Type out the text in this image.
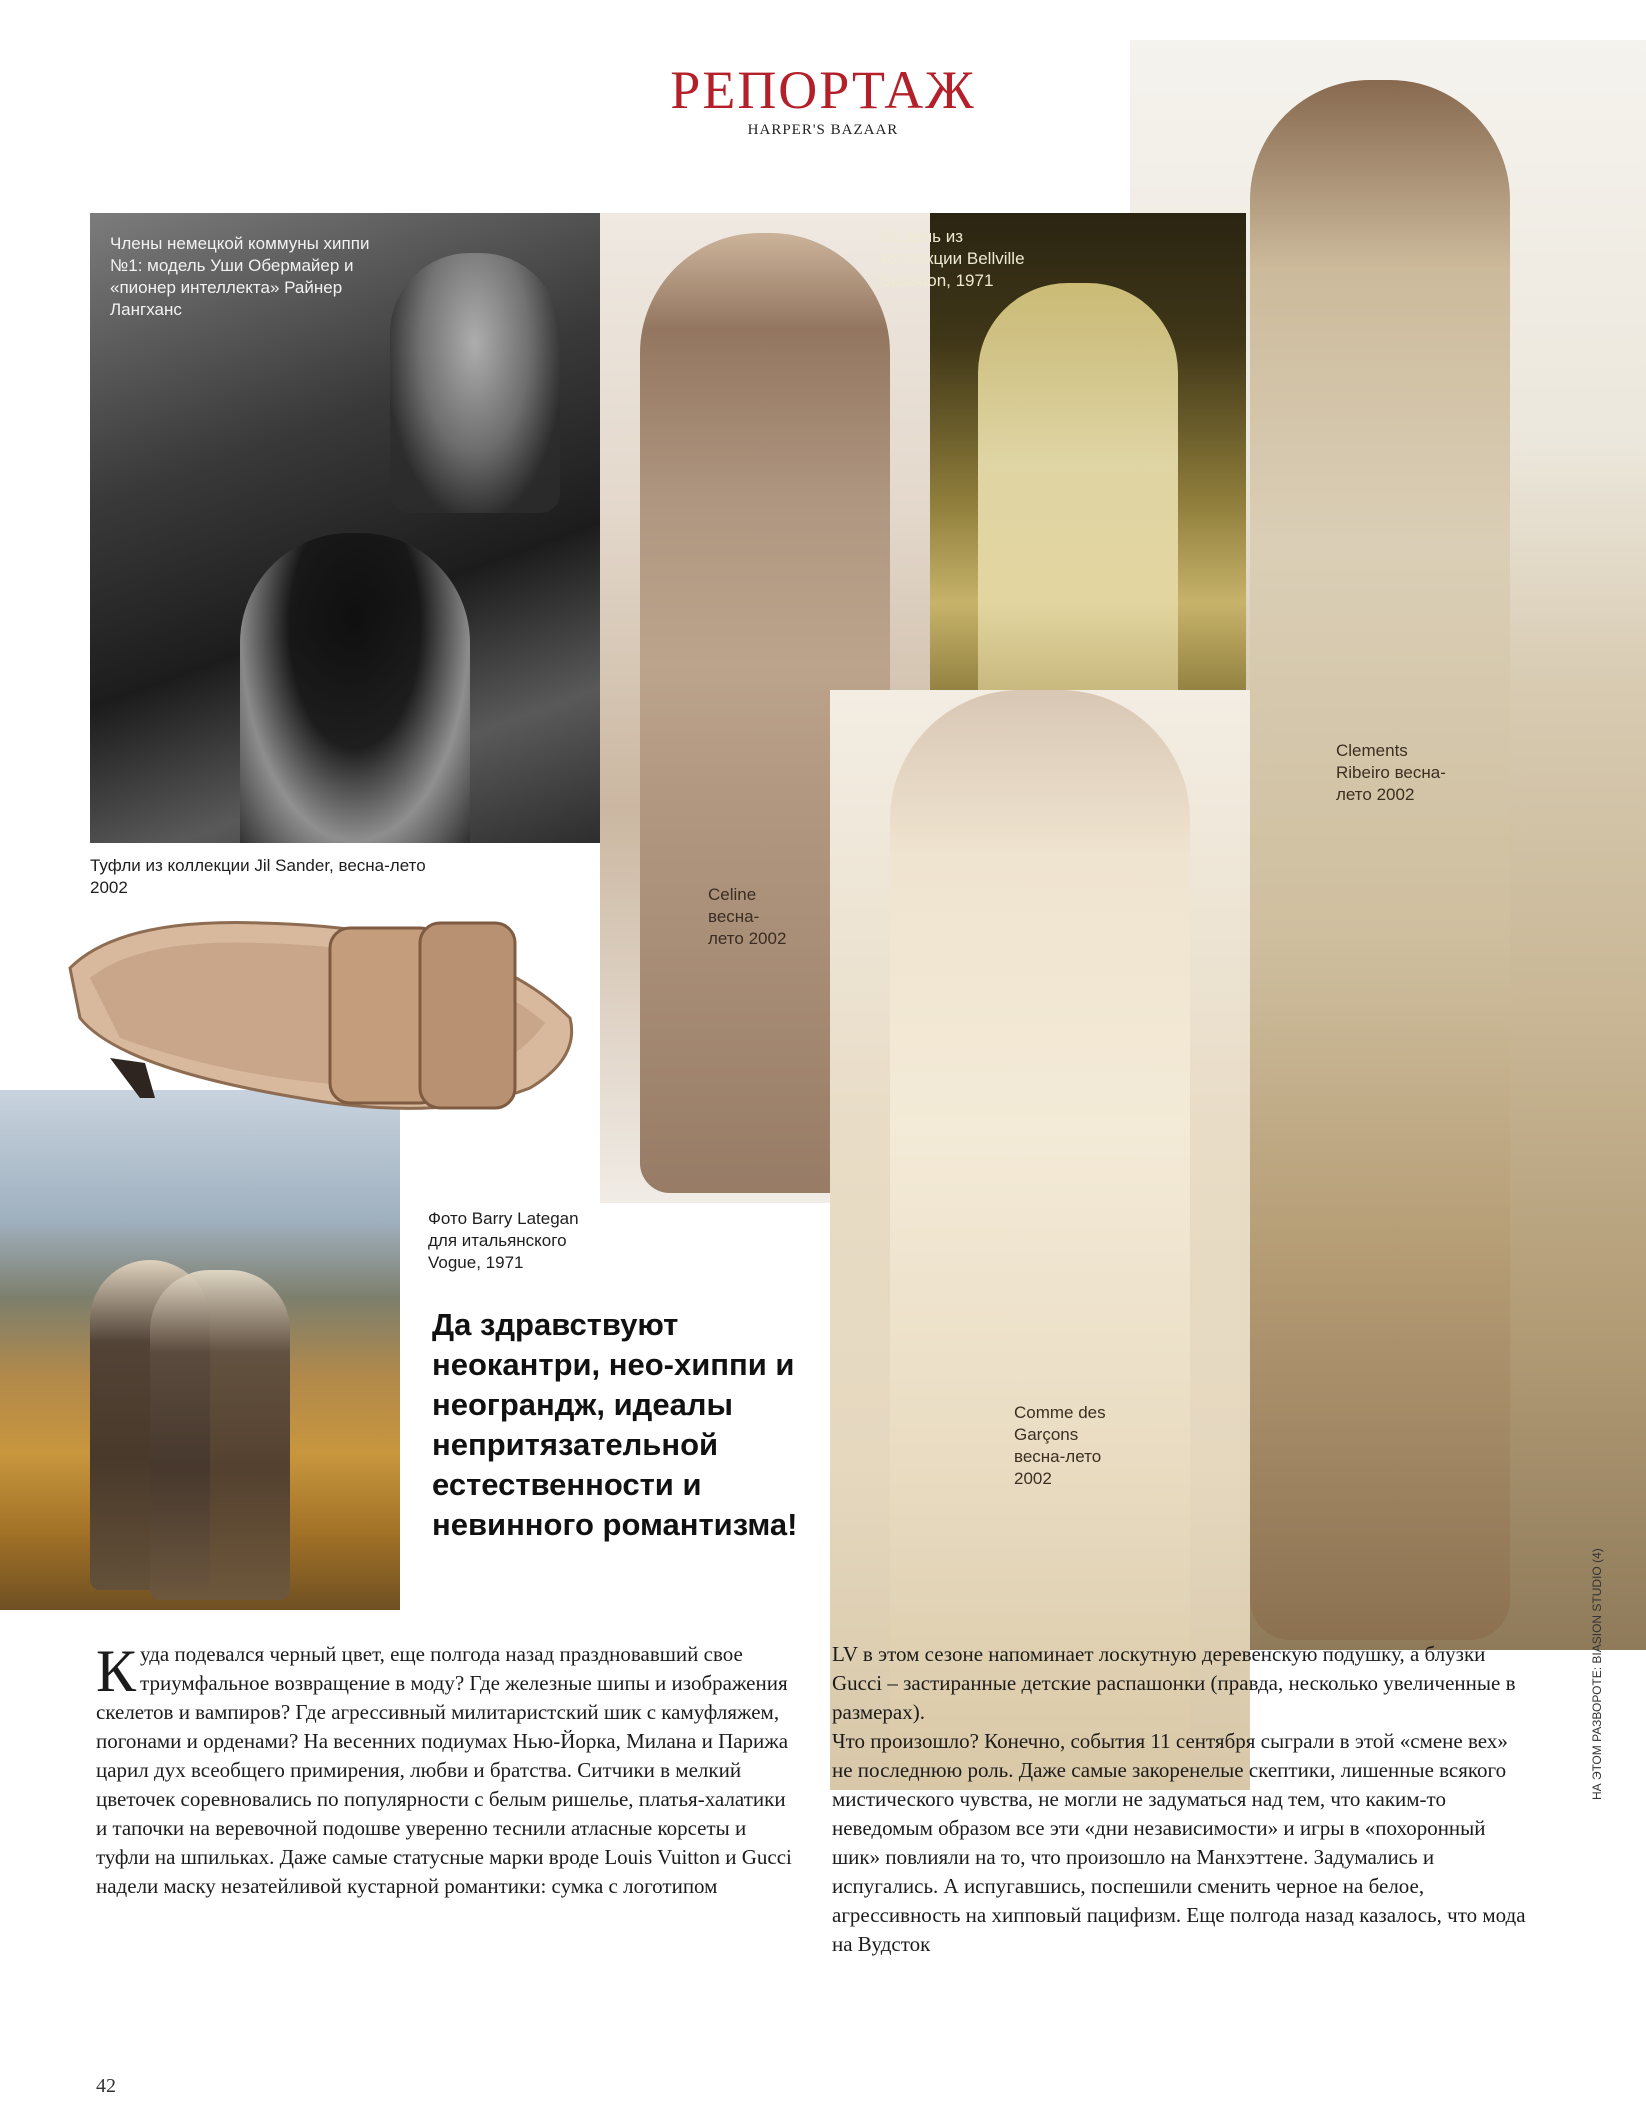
РЕПОРТАЖ
HARPER'S BAZAAR
Члены немецкой коммуны хиппи №1: модель Уши Обермайер и «пионер интеллекта» Райнер Лангханс
Модель из коллекции Bellville Sassoon, 1971
Туфли из коллекции Jil Sander, весна-лето 2002	Celine весна-лето 2002
Clements Ribeiro весна-лето 2002
Comme des Garçons весна-лето 2002
Фото Barry Lategan для итальянского Vogue, 1971
Да здравствуют неокантри, нео-хиппи и неограндж, идеалы непритязательной естественности и невинного романтизма!
К уда подевался черный цвет, еще полгода назад праздновавший свое триумфальное возвращение в моду? Где железные шипы и изображения скелетов и вампиров? Где агрессивный милитаристский шик с камуфляжем, погонами и орденами? На весенних подиумах Нью-Йорка, Милана и Парижа царил дух всеобщего примирения, любви и братства. Ситчики в мелкий цветочек соревновались по популярности с белым ришелье, платья-халатики и тапочки на веревочной подошве уверенно теснили атласные корсеты и туфли на шпильках. Даже самые статусные марки вроде Louis Vuitton и Gucci надели маску незатейливой кустарной романтики: сумка с логотипом

LV в этом сезоне напоминает лоскутную деревенскую подушку, а блузки Gucci – застиранные детские распашонки (правда, несколько увеличенные в размерах).

Что произошло? Конечно, события 11 сентября сыграли в этой «смене вех» не последнюю роль. Даже самые закоренелые скептики, лишенные всякого мистического чувства, не могли не задуматься над тем, что каким-то неведомым образом все эти «дни независимости» и игры в «похоронный шик» повлияли на то, что произошло на Манхэттене. Задумались и испугались. А испугавшись, поспешили сменить черное на белое, агрессивность на хипповый пацифизм. Еще полгода назад казалось, что мода на Вудсток

42
НА ЭТОМ РАЗВОРОТЕ: BIASION STUDIO (4)
